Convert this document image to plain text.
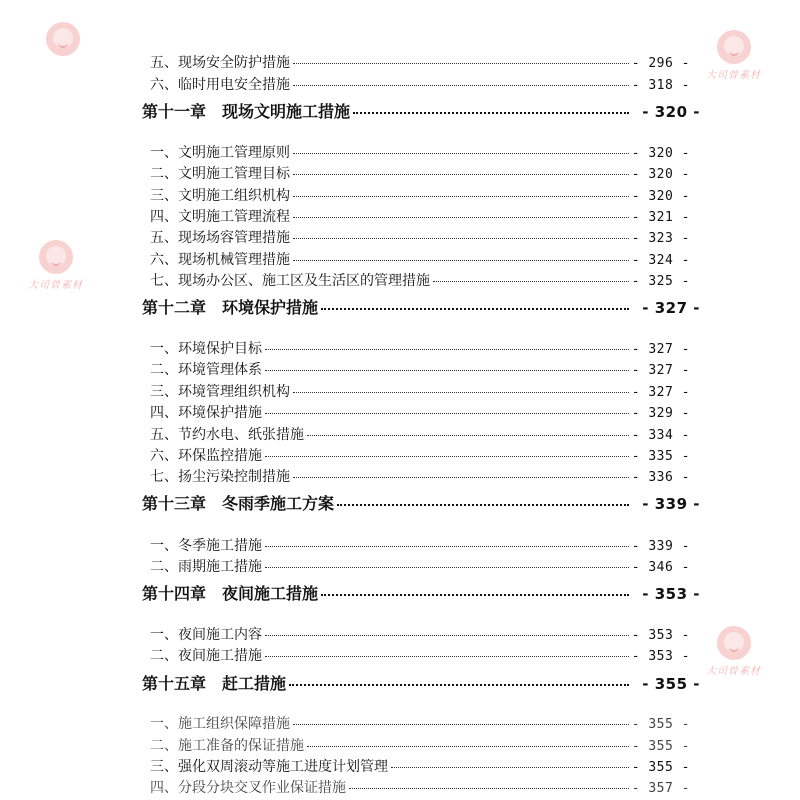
大司曾素材
大司曾素材
大司曾素材
五、现场安全防护措施	- 296 -
六、临时用电安全措施	- 318 -
第十一章　现场文明施工措施	- 320 -
一、文明施工管理原则	- 320 -
二、文明施工管理目标	- 320 -
三、文明施工组织机构	- 320 -
四、文明施工管理流程	- 321 -
五、现场场容管理措施	- 323 -
六、现场机械管理措施	- 324 -
七、现场办公区、施工区及生活区的管理措施	- 325 -
第十二章　环境保护措施	- 327 -
一、环境保护目标	- 327 -
二、环境管理体系	- 327 -
三、环境管理组织机构	- 327 -
四、环境保护措施	- 329 -
五、节约水电、纸张措施	- 334 -
六、环保监控措施	- 335 -
七、扬尘污染控制措施	- 336 -
第十三章　冬雨季施工方案	- 339 -
一、冬季施工措施	- 339 -
二、雨期施工措施	- 346 -
第十四章　夜间施工措施	- 353 -
一、夜间施工内容	- 353 -
二、夜间施工措施	- 353 -
第十五章　赶工措施	- 355 -
一、施工组织保障措施	- 355 -
二、施工准备的保证措施	- 355 -
三、强化双周滚动等施工进度计划管理	- 355 -
四、分段分块交叉作业保证措施	- 357 -
